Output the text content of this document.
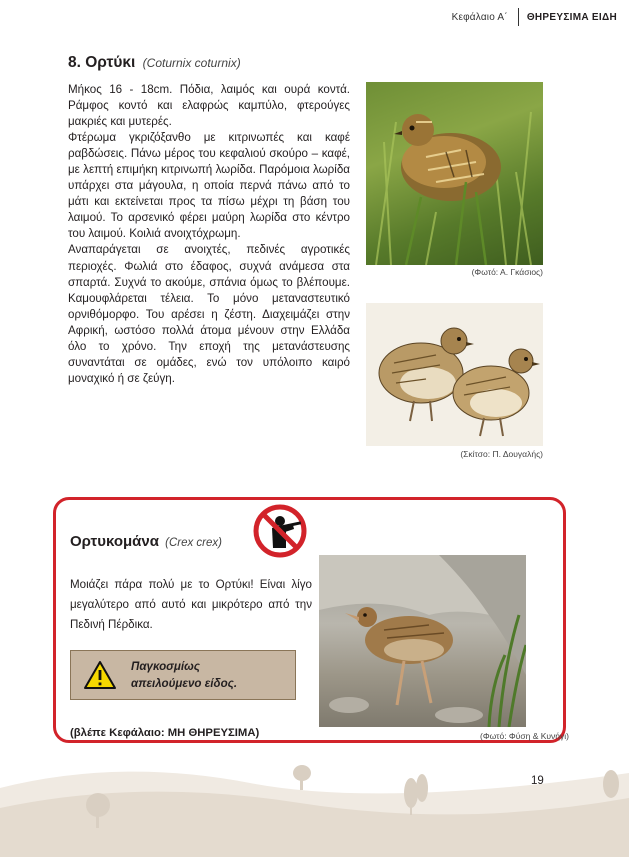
Κεφάλαιο Α΄ ΘΗΡΕΥΣΙΜΑ ΕΙΔΗ
8. Ορτύκι (Coturnix coturnix)

Μήκος 16 - 18cm. Πόδια, λαιμός και ουρά κοντά. Ράμφος κοντό και ελαφρώς καμπύλο, φτερούγες μακριές και μυτερές.

Φτέρωμα γκριζόξανθο με κιτρινωπές και καφέ ραβδώσεις. Πάνω μέρος του κεφαλιού σκούρο – καφέ, με λεπτή επιμήκη κιτρινωπή λωρίδα. Παρόμοια λωρίδα υπάρχει στα μάγουλα, η οποία περνά πάνω από το μάτι και εκτείνεται προς τα πίσω μέχρι τη βάση του λαιμού. Το αρσενικό φέρει μαύρη λωρίδα στο κέντρο του λαιμού. Κοιλιά ανοιχτόχρωμη.

Αναπαράγεται σε ανοιχτές, πεδινές αγροτικές περιοχές. Φωλιά στο έδαφος, συχνά ανάμεσα στα σπαρτά. Συχνά το ακούμε, σπάνια όμως το βλέπουμε. Καμουφλάρεται τέλεια. Το μόνο μεταναστευτικό ορνιθόμορφο. Του αρέσει η ζέστη. Διαχειμάζει στην Αφρική, ωστόσο πολλά άτομα μένουν στην Ελλάδα όλο το χρόνο. Την εποχή της μετανάστευσης συναντάται σε ομάδες, ενώ τον υπόλοιπο καιρό μοναχικό ή σε ζεύγη.

(Φωτό: Α. Γκάσιος)
(Σκίτσο: Π. Δουγαλής)
Ορτυκομάνα (Crex crex)

Μοιάζει πάρα πολύ με το Ορτύκι! Είναι λίγο μεγαλύτερο από αυτό και μικρότερο από την Πεδινή Πέρδικα.

Παγκοσμίως
απειλούμενο είδος.

(βλέπε Κεφάλαιο: ΜΗ ΘΗΡΕΥΣΙΜΑ)	(Φωτό: Φύση & Κυνήγι)
19
